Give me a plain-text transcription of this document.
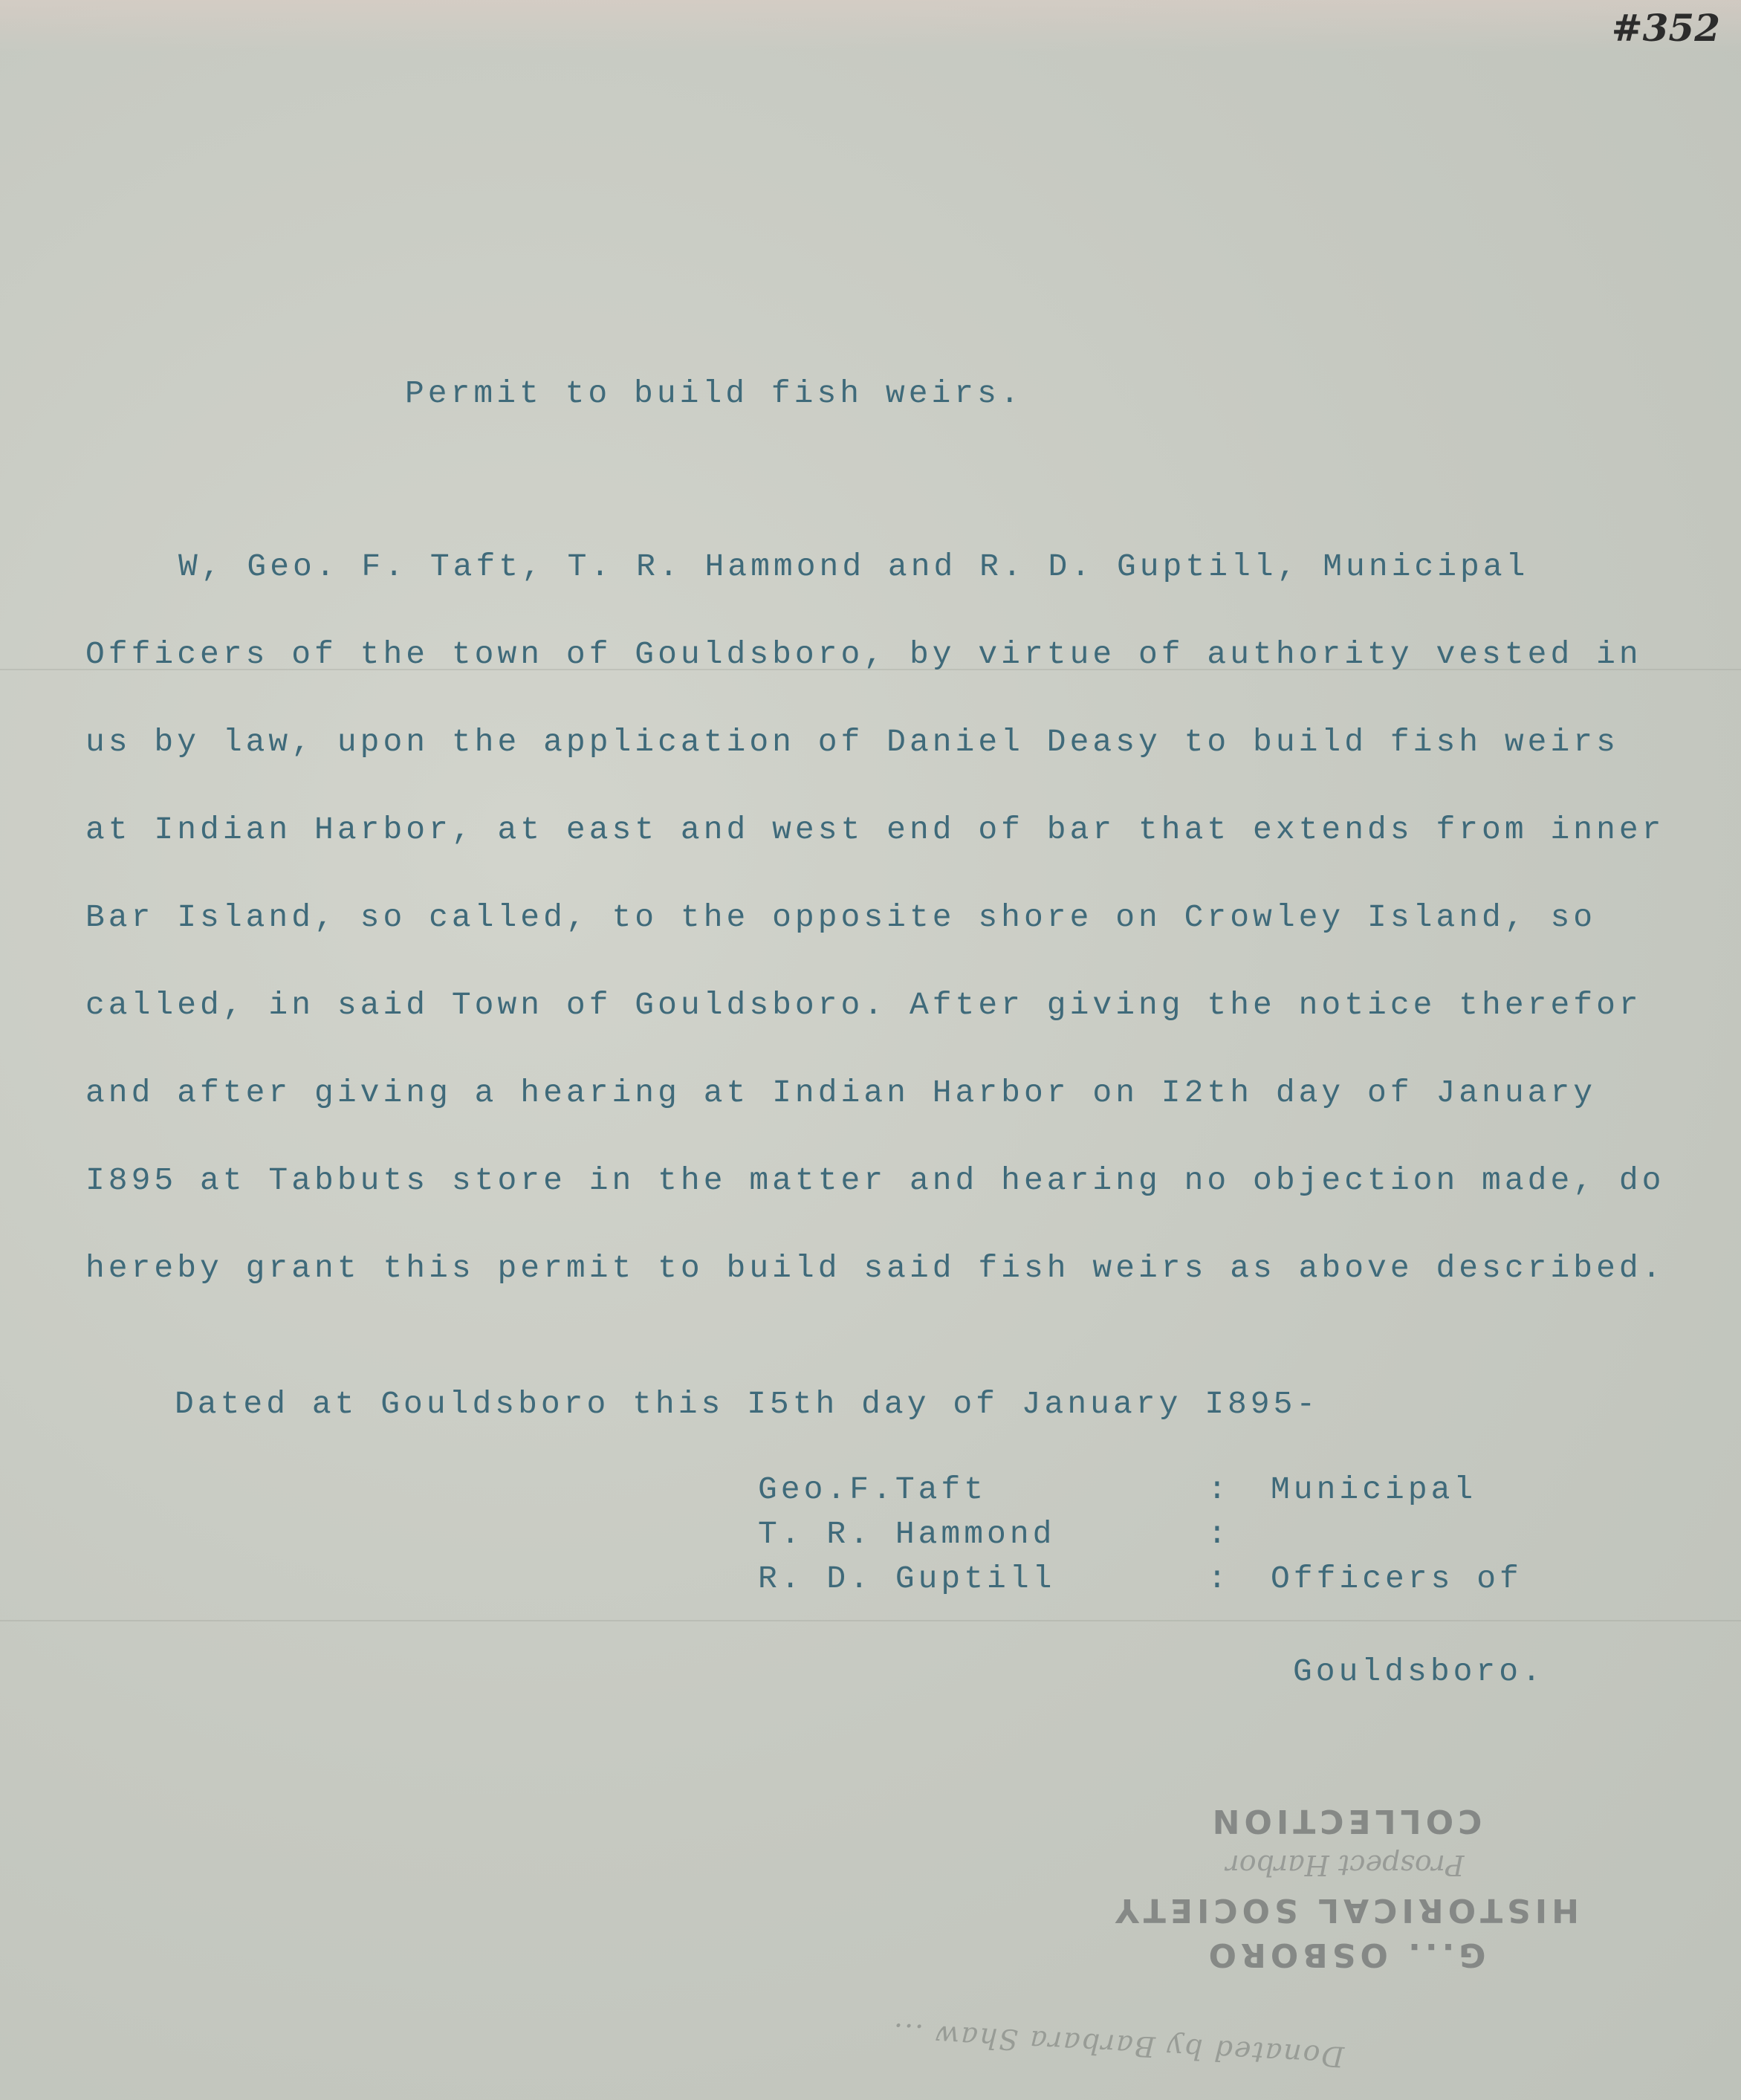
#352
Permit to build fish weirs.
W, Geo. F. Taft, T. R. Hammond and R. D. Guptill, Municipal
Officers of the town of Gouldsboro, by virtue of authority vested in
us by law, upon the application of Daniel Deasy to build fish weirs
at Indian Harbor, at east and west end of bar that extends from inner
Bar Island, so called, to the opposite shore on Crowley Island, so
called, in said Town of Gouldsboro. After giving the notice therefor
and after giving a hearing at Indian Harbor on I2th day of January
I895 at Tabbuts store in the matter and hearing no objection made, do
hereby grant this permit to build said fish weirs as above described.
Dated at Gouldsboro this I5th day of January I895-
Geo.F.Taft	: Municipal
T. R. Hammond	:
R. D. Guptill	: Officers of
Gouldsboro.
G... OSBORO
HISTORICAL SOCIETY
Prospect Harbor
COLLECTION
Donated by Barbara Shaw ...
